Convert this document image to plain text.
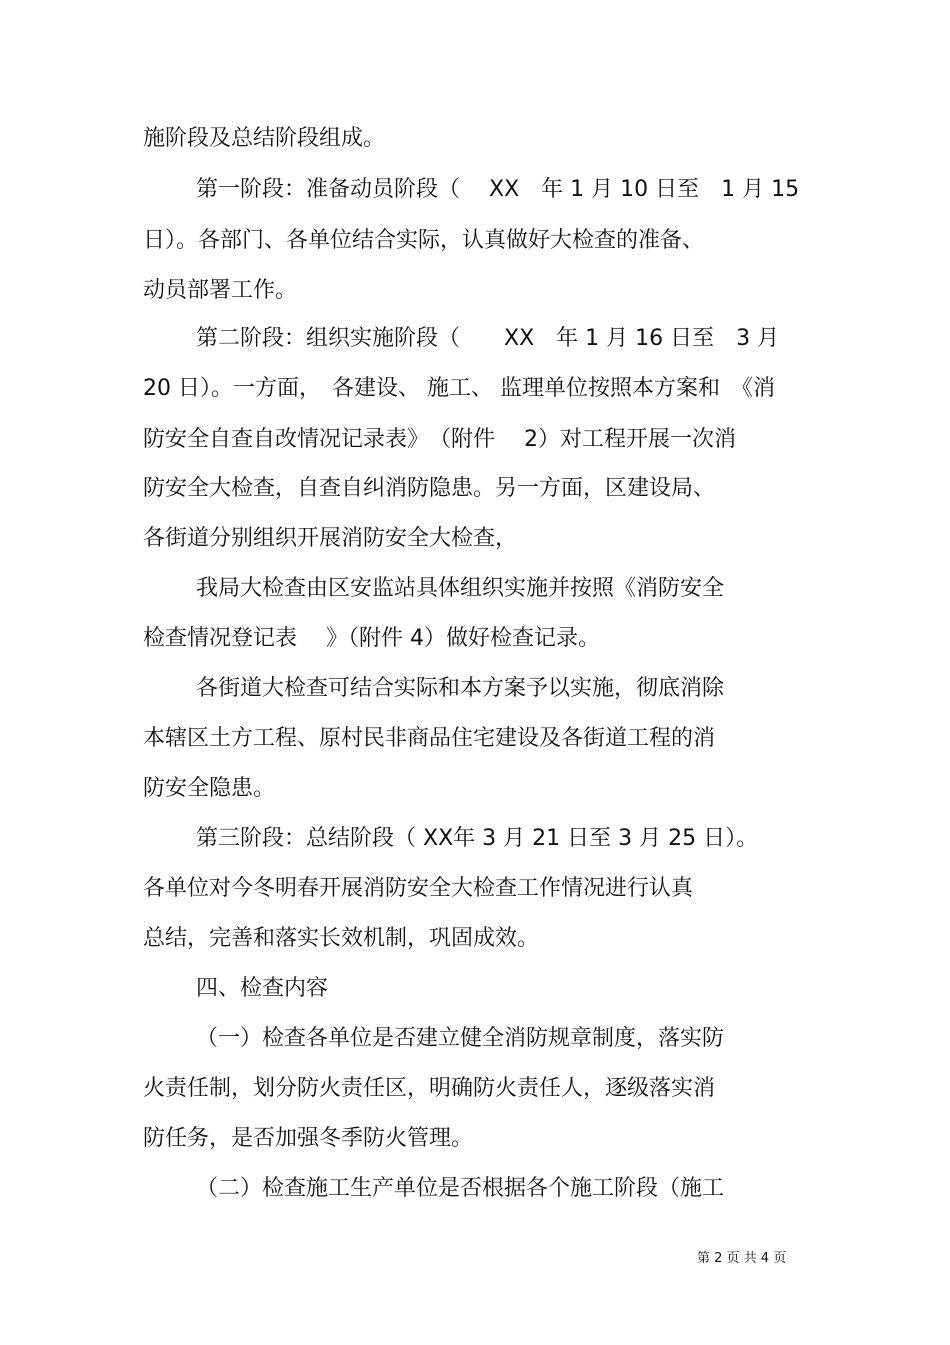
施阶段及总结阶段组成。
第一阶段：准备动员阶段（　 XX　年 1 月 10 日至　1 月 15
日）。各部门、各单位结合实际，认真做好大检查的准备、
动员部署工作。
第二阶段：组织实施阶段（　　XX　年 1 月 16 日至　3 月
20 日）。一方面，　各建设、 施工、 监理单位按照本方案和　《消
防安全自查自改情况记录表》　（附件　 2）对工程开展一次消
防安全大检查，自查自纠消防隐患。另一方面，区建设局、
各街道分别组织开展消防安全大检查，
我局大检查由区安监站具体组织实施并按照《消防安全
检查情况登记表　 》（附件 4）做好检查记录。
各街道大检查可结合实际和本方案予以实施，彻底消除
本辖区土方工程、原村民非商品住宅建设及各街道工程的消
防安全隐患。
第三阶段：总结阶段（ XX年 3 月 21 日至 3 月 25 日）。
各单位对今冬明春开展消防安全大检查工作情况进行认真
总结，完善和落实长效机制，巩固成效。
四、检查内容
（一）检查各单位是否建立健全消防规章制度，落实防
火责任制，划分防火责任区，明确防火责任人，逐级落实消
防任务，是否加强冬季防火管理。
（二）检查施工生产单位是否根据各个施工阶段（施工
第 2 页 共 4 页
